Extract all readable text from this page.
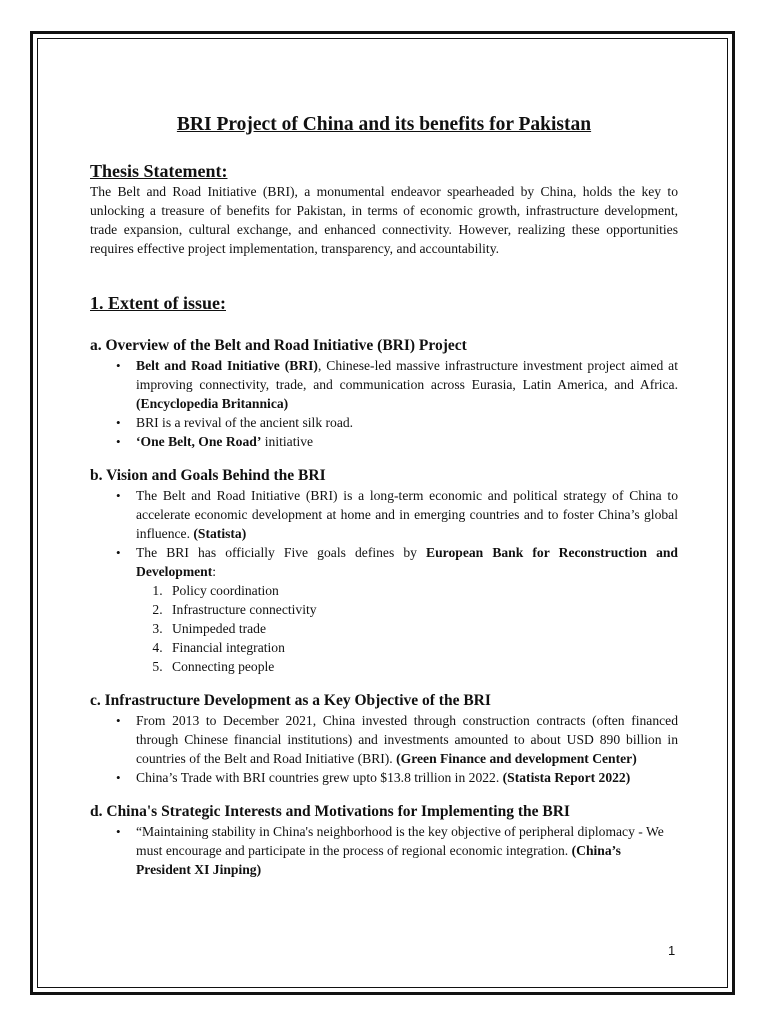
BRI Project of China and its benefits for Pakistan
Thesis Statement:

The Belt and Road Initiative (BRI), a monumental endeavor spearheaded by China, holds the key to unlocking a treasure of benefits for Pakistan, in terms of economic growth, infrastructure development, trade expansion, cultural exchange, and enhanced connectivity. However, realizing these opportunities requires effective project implementation, transparency, and accountability.

1. Extent of issue:
a. Overview of the Belt and Road Initiative (BRI) Project
• Belt and Road Initiative (BRI), Chinese-led massive infrastructure investment project aimed at improving connectivity, trade, and communication across Eurasia, Latin America, and Africa. (Encyclopedia Britannica)
• BRI is a revival of the ancient silk road.
• ‘One Belt, One Road’ initiative
b. Vision and Goals Behind the BRI
• The Belt and Road Initiative (BRI) is a long-term economic and political strategy of China to accelerate economic development at home and in emerging countries and to foster China’s global influence. (Statista)
• The BRI has officially Five goals defines by European Bank for Reconstruction and Development:
1. Policy coordination
2. Infrastructure connectivity
3. Unimpeded trade
4. Financial integration
5. Connecting people
c. Infrastructure Development as a Key Objective of the BRI
• From 2013 to December 2021, China invested through construction contracts (often financed through Chinese financial institutions) and investments amounted to about USD 890 billion in countries of the Belt and Road Initiative (BRI). (Green Finance and development Center)
• China’s Trade with BRI countries grew upto $13.8 trillion in 2022. (Statista Report 2022)
d. China's Strategic Interests and Motivations for Implementing the BRI
• “Maintaining stability in China's neighborhood is the key objective of peripheral diplomacy - We must encourage and participate in the process of regional economic integration. (China’s President XI Jinping)
1
